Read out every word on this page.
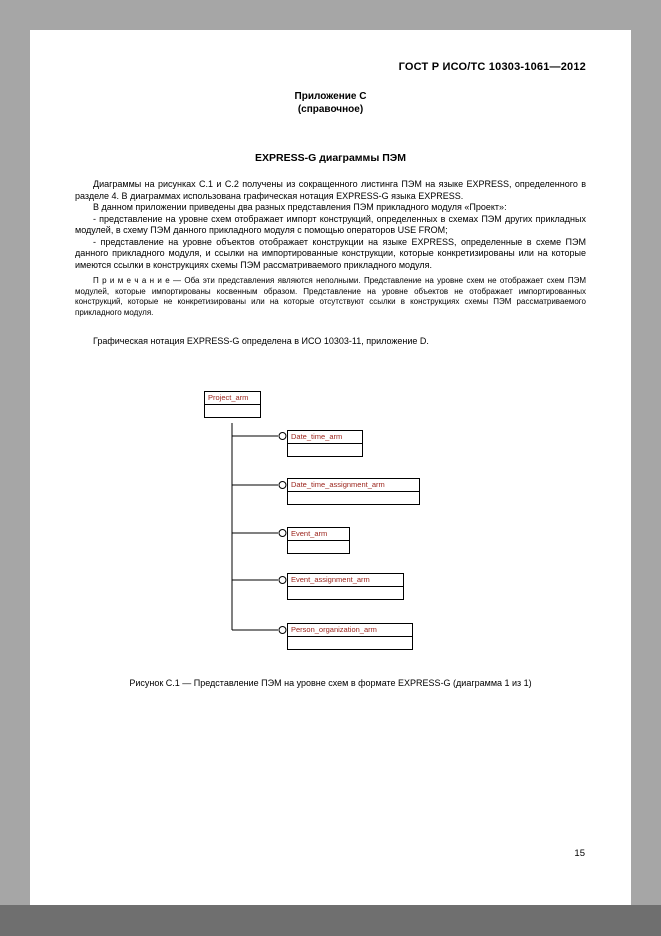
ГОСТ Р ИСО/ТС 10303-1061—2012
Приложение С
(справочное)
EXPRESS-G диаграммы ПЭМ

Диаграммы на рисунках С.1 и С.2 получены из сокращенного листинга ПЭМ на языке EXPRESS, определенного в разделе 4. В диаграммах использована графическая нотация EXPRESS-G языка EXPRESS.

В данном приложении приведены два разных представления ПЭМ прикладного модуля «Проект»:

- представление на уровне схем отображает импорт конструкций, определенных в схемах ПЭМ других прикладных модулей, в схему ПЭМ данного прикладного модуля с помощью операторов USE FROM;

- представление на уровне объектов отображает конструкции на языке EXPRESS, определенные в схеме ПЭМ данного прикладного модуля, и ссылки на импортированные конструкции, которые конкретизированы или на которые имеются ссылки в конструкциях схемы ПЭМ рассматриваемого прикладного модуля.

П р и м е ч а н и е — Оба эти представления являются неполными. Представление на уровне схем не отображает схем ПЭМ модулей, которые импортированы косвенным образом. Представление на уровне объектов не отображает импортированных конструкций, которые не конкретизированы или на которые отсутствуют ссылки в конструкциях схемы ПЭМ рассматриваемого прикладного модуля.

Графическая нотация EXPRESS-G определена в ИСО 10303-11, приложение D.

Project_arm
Date_time_arm
Date_time_assignment_arm
Event_arm
Event_assignment_arm
Person_organization_arm
Рисунок С.1 — Представление ПЭМ на уровне схем в формате EXPRESS-G (диаграмма 1 из 1)
15
